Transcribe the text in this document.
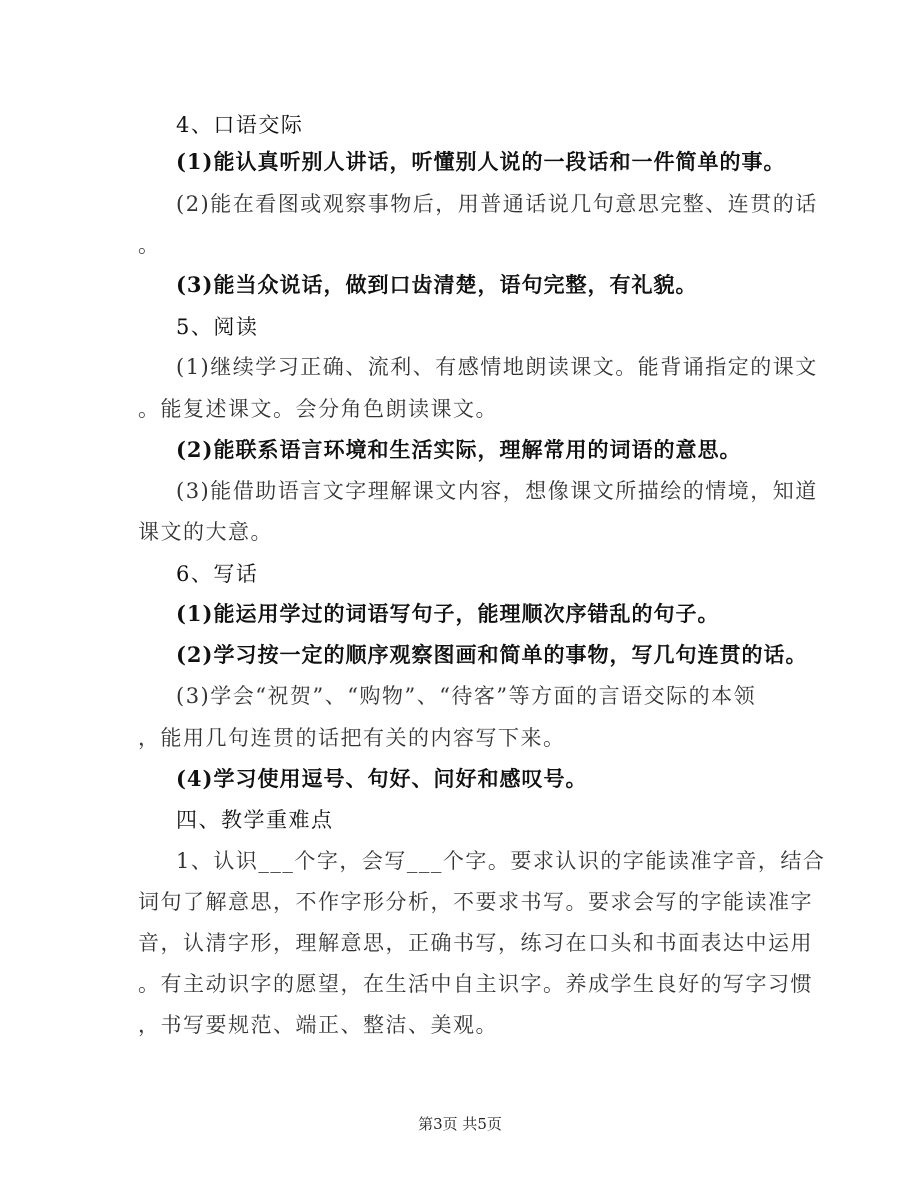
4、口语交际
(1)能认真听别人讲话，听懂别人说的一段话和一件简单的事。
(2)能在看图或观察事物后，用普通话说几句意思完整、连贯的话
。
(3)能当众说话，做到口齿清楚，语句完整，有礼貌。
5、阅读
(1)继续学习正确、流利、有感情地朗读课文。能背诵指定的课文
。能复述课文。会分角色朗读课文。
(2)能联系语言环境和生活实际，理解常用的词语的意思。
(3)能借助语言文字理解课文内容，想像课文所描绘的情境，知道
课文的大意。
6、写话
(1)能运用学过的词语写句子，能理顺次序错乱的句子。
(2)学习按一定的顺序观察图画和简单的事物，写几句连贯的话。
(3)学会“祝贺”、“购物”、“待客”等方面的言语交际的本领
，能用几句连贯的话把有关的内容写下来。
(4)学习使用逗号、句好、问好和感叹号。
四、教学重难点
1、认识___个字，会写___个字。要求认识的字能读准字音，结合
词句了解意思，不作字形分析，不要求书写。要求会写的字能读准字
音，认清字形，理解意思，正确书写，练习在口头和书面表达中运用
。有主动识字的愿望，在生活中自主识字。养成学生良好的写字习惯
，书写要规范、端正、整洁、美观。
第3页 共5页
